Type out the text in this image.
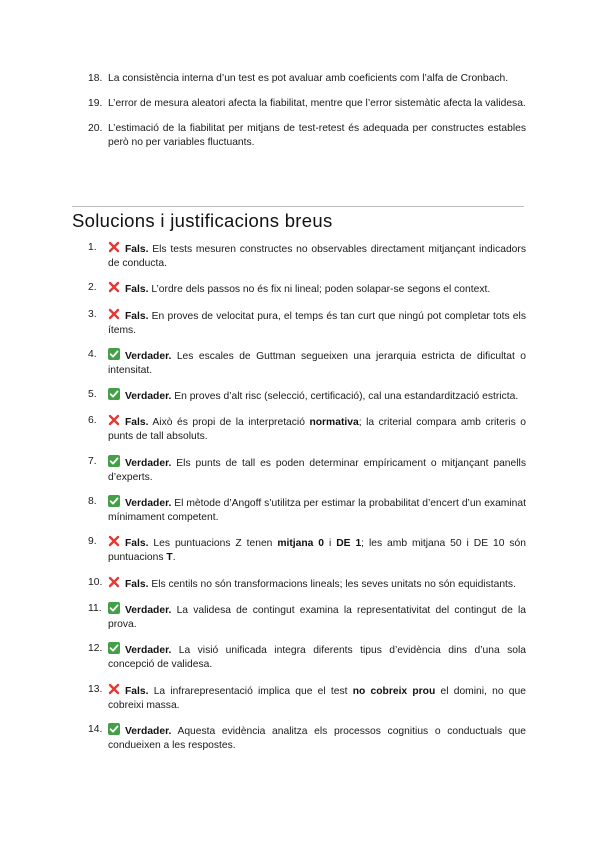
18. La consistència interna d’un test es pot avaluar amb coeficients com l’alfa de Cronbach.
19. L’error de mesura aleatori afecta la fiabilitat, mentre que l’error sistemàtic afecta la validesa.
20. L’estimació de la fiabilitat per mitjans de test-retest és adequada per constructes estables però no per variables fluctuants.
Solucions i justificacions breus
1.	Fals. Els tests mesuren constructes no observables directament mitjançant indicadors de conducta.
2.	Fals. L’ordre dels passos no és fix ni lineal; poden solapar-se segons el context.
3.	Fals. En proves de velocitat pura, el temps és tan curt que ningú pot completar tots els ítems.
4.	Verdader. Les escales de Guttman segueixen una jerarquia estricta de dificultat o intensitat.
5.	Verdader. En proves d’alt risc (selecció, certificació), cal una estandardització estricta.
6.	Fals. Això és propi de la interpretació normativa; la criterial compara amb criteris o punts de tall absoluts.
7.	Verdader. Els punts de tall es poden determinar empíricament o mitjançant panells d’experts.
8.	Verdader. El mètode d’Angoff s’utilitza per estimar la probabilitat d’encert d’un examinat mínimament competent.
9.	Fals. Les puntuacions Z tenen mitjana 0 i DE 1; les amb mitjana 50 i DE 10 són puntuacions T.
10.	Fals. Els centils no són transformacions lineals; les seves unitats no són equidistants.
11.	Verdader. La validesa de contingut examina la representativitat del contingut de la prova.
12.	Verdader. La visió unificada integra diferents tipus d’evidència dins d’una sola concepció de validesa.
13.	Fals. La infrarepresentació implica que el test no cobreix prou el domini, no que cobreixi massa.
14.	Verdader. Aquesta evidència analitza els processos cognitius o conductuals que condueixen a les respostes.
